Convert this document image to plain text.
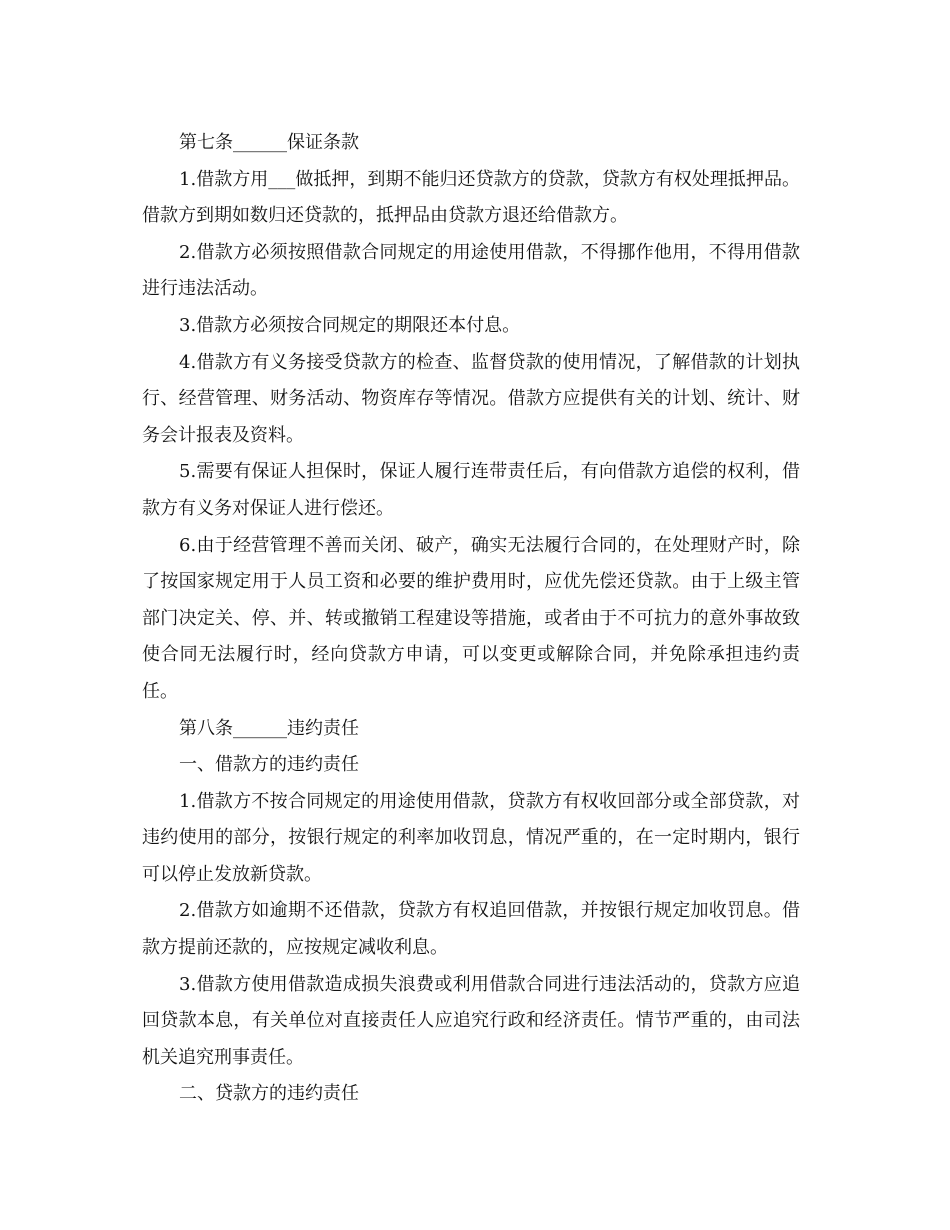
第七条______保证条款

1.借款方用___做抵押，到期不能归还贷款方的贷款，贷款方有权处理抵押品。借款方到期如数归还贷款的，抵押品由贷款方退还给借款方。

2.借款方必须按照借款合同规定的用途使用借款，不得挪作他用，不得用借款进行违法活动。

3.借款方必须按合同规定的期限还本付息。

4.借款方有义务接受贷款方的检查、监督贷款的使用情况，了解借款的计划执行、经营管理、财务活动、物资库存等情况。借款方应提供有关的计划、统计、财务会计报表及资料。

5.需要有保证人担保时，保证人履行连带责任后，有向借款方追偿的权利，借款方有义务对保证人进行偿还。

6.由于经营管理不善而关闭、破产，确实无法履行合同的，在处理财产时，除了按国家规定用于人员工资和必要的维护费用时，应优先偿还贷款。由于上级主管部门决定关、停、并、转或撤销工程建设等措施，或者由于不可抗力的意外事故致使合同无法履行时，经向贷款方申请，可以变更或解除合同，并免除承担违约责任。

第八条______违约责任

一、借款方的违约责任

1.借款方不按合同规定的用途使用借款，贷款方有权收回部分或全部贷款，对违约使用的部分，按银行规定的利率加收罚息，情况严重的，在一定时期内，银行可以停止发放新贷款。

2.借款方如逾期不还借款，贷款方有权追回借款，并按银行规定加收罚息。借款方提前还款的，应按规定减收利息。

3.借款方使用借款造成损失浪费或利用借款合同进行违法活动的，贷款方应追回贷款本息，有关单位对直接责任人应追究行政和经济责任。情节严重的，由司法机关追究刑事责任。

二、贷款方的违约责任
